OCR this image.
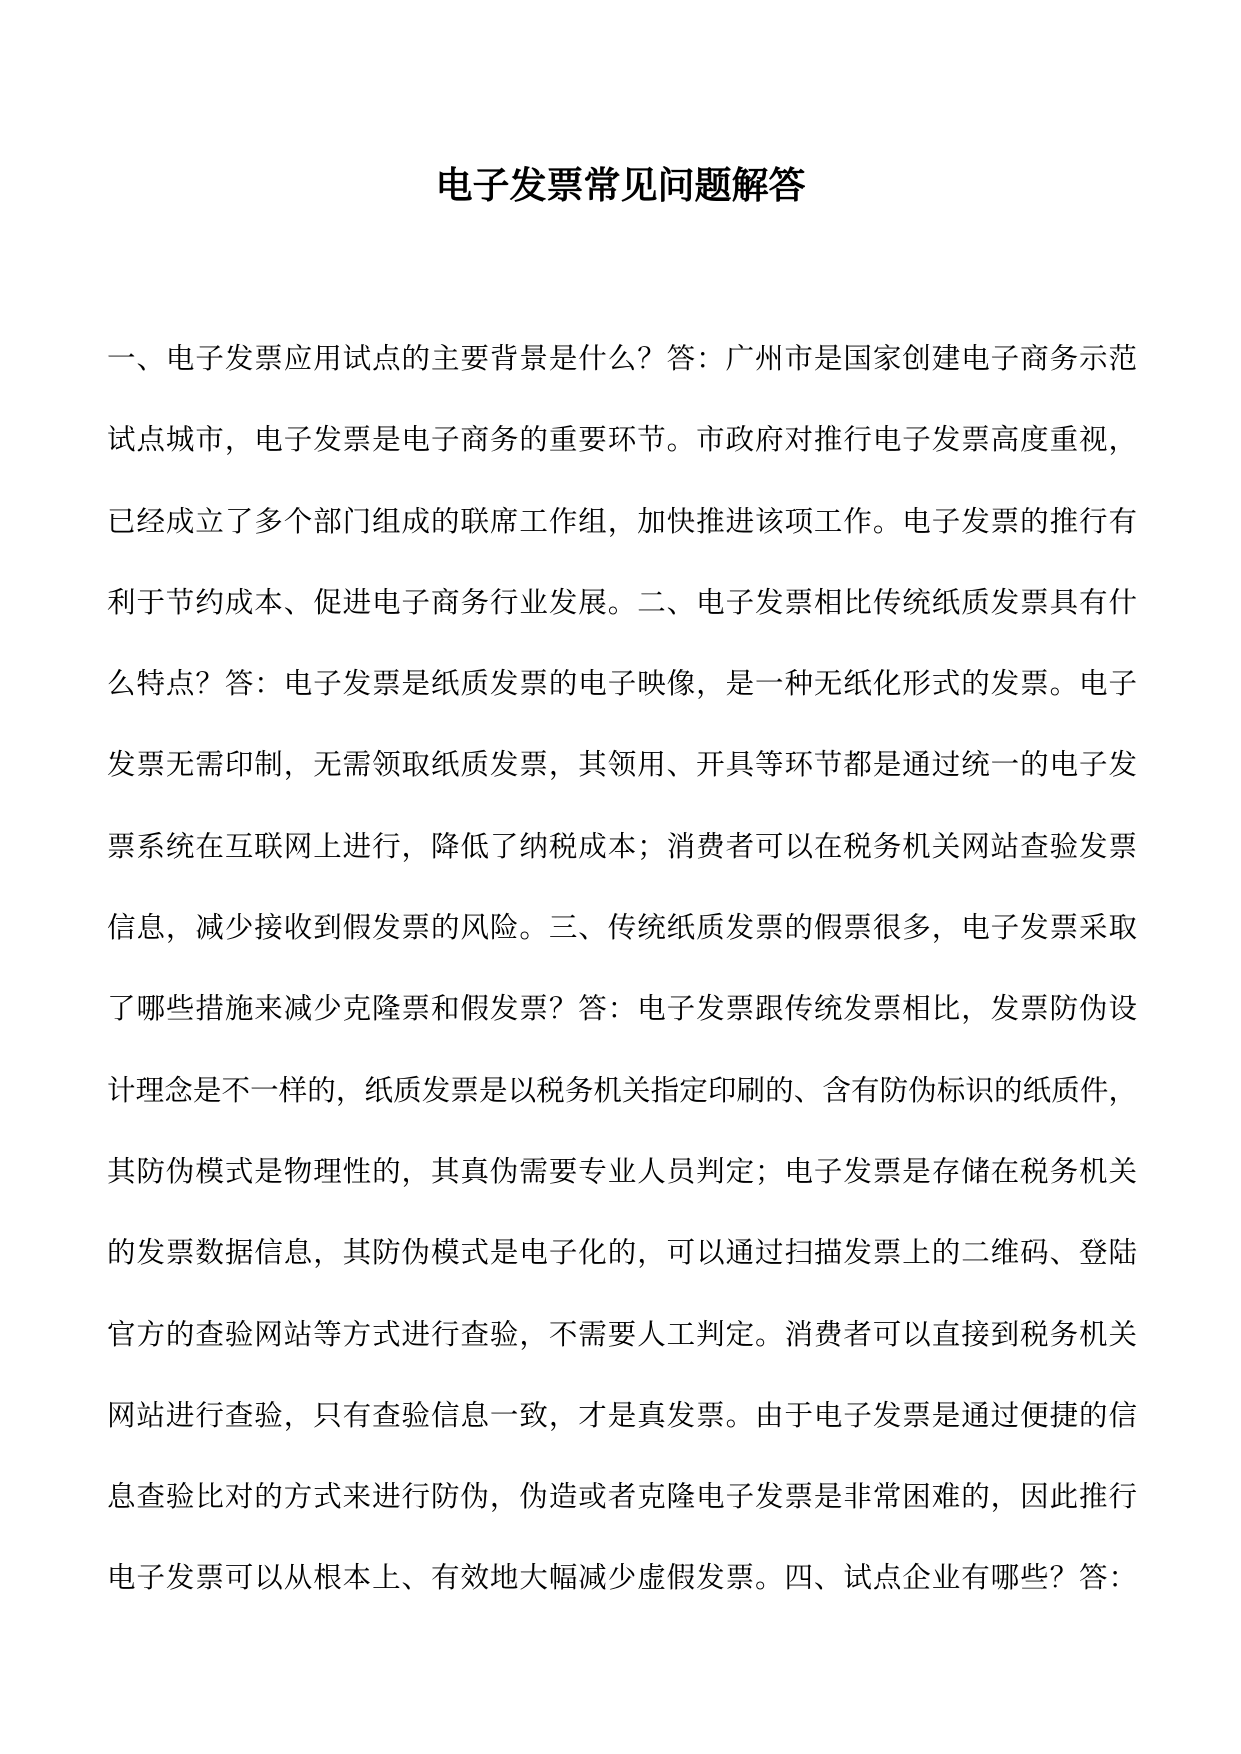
电子发票常见问题解答
一、电子发票应用试点的主要背景是什么？答：广州市是国家创建电子商务示范
试点城市，电子发票是电子商务的重要环节。市政府对推行电子发票高度重视，
已经成立了多个部门组成的联席工作组，加快推进该项工作。电子发票的推行有
利于节约成本、促进电子商务行业发展。二、电子发票相比传统纸质发票具有什
么特点？答：电子发票是纸质发票的电子映像，是一种无纸化形式的发票。电子
发票无需印制，无需领取纸质发票，其领用、开具等环节都是通过统一的电子发
票系统在互联网上进行，降低了纳税成本；消费者可以在税务机关网站查验发票
信息，减少接收到假发票的风险。三、传统纸质发票的假票很多，电子发票采取
了哪些措施来减少克隆票和假发票？答：电子发票跟传统发票相比，发票防伪设
计理念是不一样的，纸质发票是以税务机关指定印刷的、含有防伪标识的纸质件，
其防伪模式是物理性的，其真伪需要专业人员判定；电子发票是存储在税务机关
的发票数据信息，其防伪模式是电子化的，可以通过扫描发票上的二维码、登陆
官方的查验网站等方式进行查验，不需要人工判定。消费者可以直接到税务机关
网站进行查验，只有查验信息一致，才是真发票。由于电子发票是通过便捷的信
息查验比对的方式来进行防伪，伪造或者克隆电子发票是非常困难的，因此推行
电子发票可以从根本上、有效地大幅减少虚假发票。四、试点企业有哪些？答：
